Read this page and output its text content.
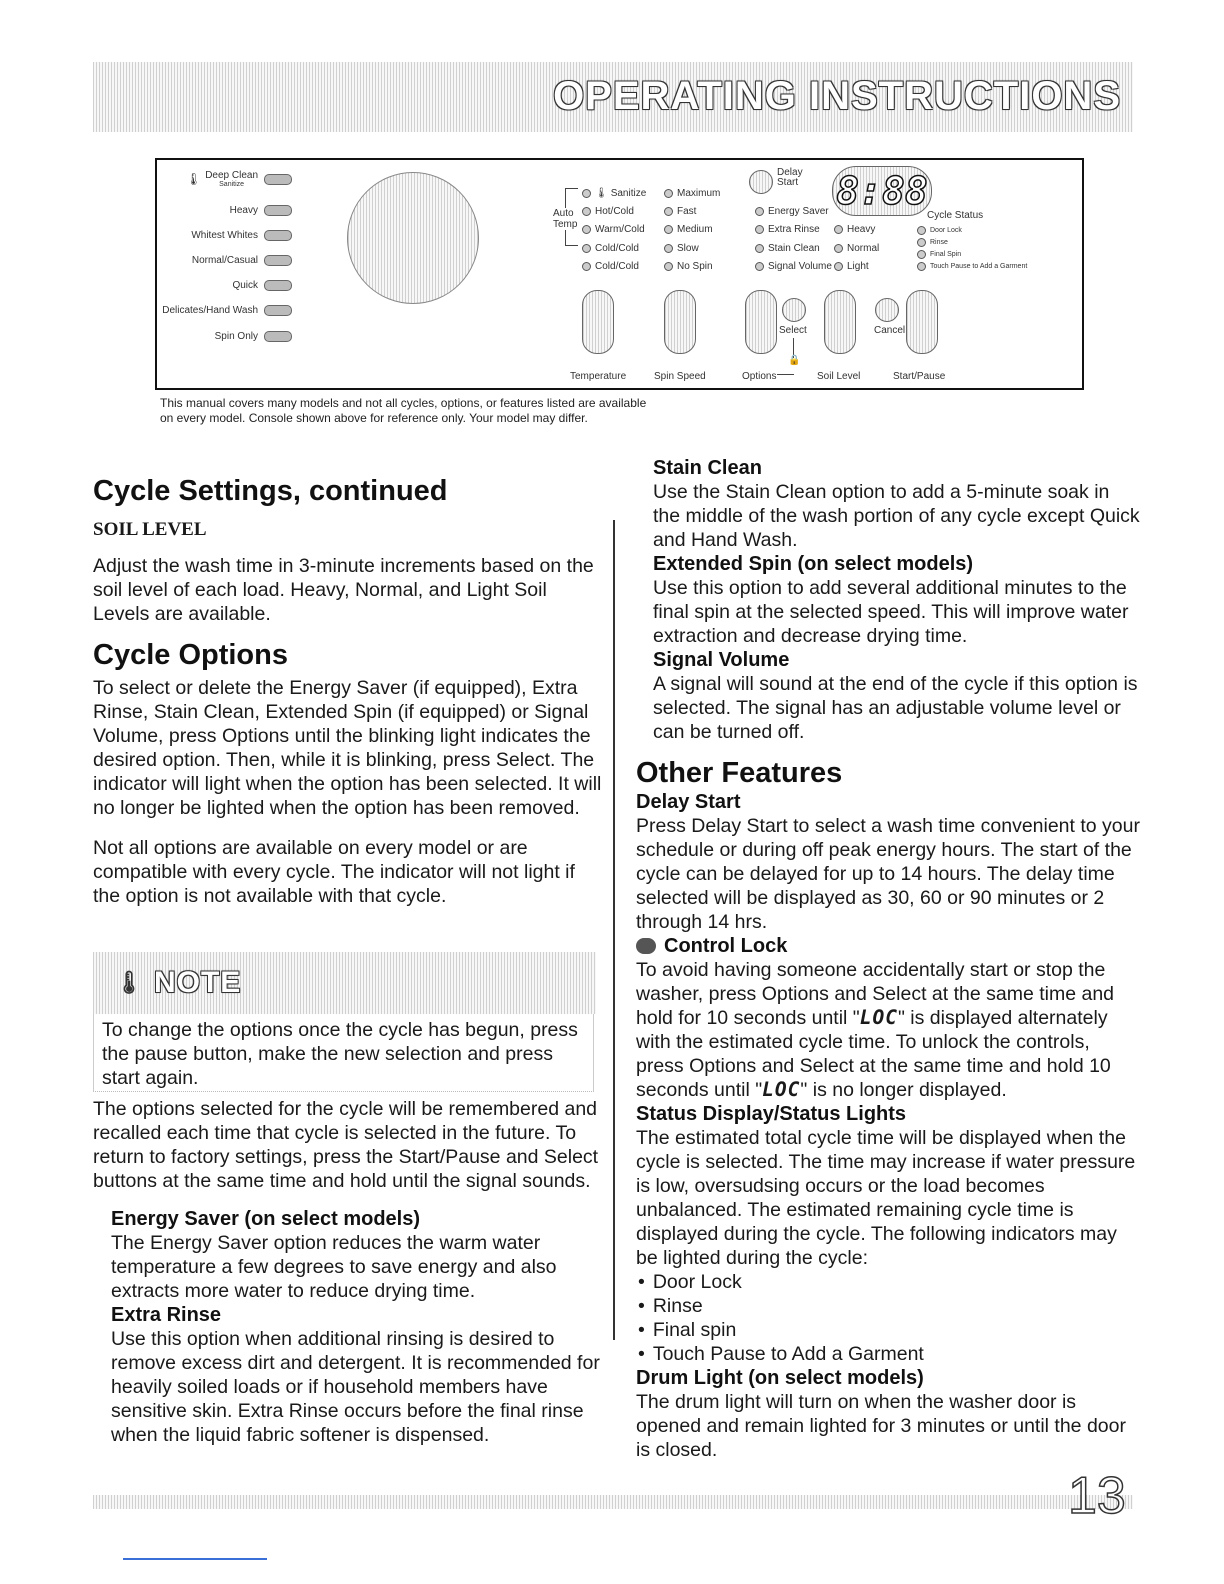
OPERATING INSTRUCTIONS
🌡 Deep Clean
Sanitize
Heavy
Whitest Whites
Normal/Casual
Quick
Delicates/Hand Wash
Spin Only
Auto Temp
🌡 Sanitize
Hot/Cold
Warm/Cold
Cold/Cold
Cold/Cold
Maximum
Fast
Medium
Slow
No Spin
Energy Saver
Extra Rinse
Stain Clean
Signal Volume
Heavy
Normal
Light
Delay Start	8:88
Cycle Status
Door Lock
Rinse
Final Spin
Touch Pause to Add a Garment
Select	Cancel
🔒
Temperature	Spin Speed	Options	Soil Level	Start/Pause
This manual covers many models and not all cycles, options, or features listed are available
on every model. Console shown above for reference only. Your model may differ.
Cycle Settings, continued
SOIL LEVEL

Adjust the wash time in 3-minute increments based on the soil level of each load. Heavy, Normal, and Light Soil Levels are available.

Cycle Options

To select or delete the Energy Saver (if equipped), Extra Rinse, Stain Clean, Extended Spin (if equipped) or Signal Volume, press Options until the blinking light indicates the desired option. Then, while it is blinking, press Select. The indicator will light when the option has been selected. It will no longer be lighted when the option has been removed.

Not all options are available on every model or are compatible with every cycle. The indicator will not light if the option is not available with that cycle.

🌡 NOTE
To change the options once the cycle has begun, press the pause button, make the new selection and press start again.

The options selected for the cycle will be remembered and recalled each time that cycle is selected in the future. To return to factory settings, press the Start/Pause and Select buttons at the same time and hold until the signal sounds.

Energy Saver (on select models)

The Energy Saver option reduces the warm water temperature a few degrees to save energy and also extracts more water to reduce drying time.

Extra Rinse

Use this option when additional rinsing is desired to remove excess dirt and detergent. It is recommended for heavily soiled loads or if household members have sensitive skin. Extra Rinse occurs before the final rinse when the liquid fabric softener is dispensed.

Stain Clean

Use the Stain Clean option to add a 5-minute soak in the middle of the wash portion of any cycle except Quick and Hand Wash.

Extended Spin (on select models)

Use this option to add several additional minutes to the final spin at the selected speed. This will improve water extraction and decrease drying time.

Signal Volume

A signal will sound at the end of the cycle if this option is selected. The signal has an adjustable volume level or can be turned off.

Other Features
Delay Start

Press Delay Start to select a wash time convenient to your schedule or during off peak energy hours. The start of the cycle can be delayed for up to 14 hours. The delay time selected will be displayed as 30, 60 or 90 minutes or 2 through 14 hrs.

Control Lock

To avoid having someone accidentally start or stop the washer, press Options and Select at the same time and hold for 10 seconds until "LOC" is displayed alternately with the estimated cycle time. To unlock the controls, press Options and Select at the same time and hold 10 seconds until "LOC" is no longer displayed.

Status Display/Status Lights

The estimated total cycle time will be displayed when the cycle is selected. The time may increase if water pressure is low, oversudsing occurs or the load becomes unbalanced. The estimated remaining cycle time is displayed during the cycle. The following indicators may be lighted during the cycle:

• Door Lock
• Rinse
• Final spin
• Touch Pause to Add a Garment
Drum Light (on select models)

The drum light will turn on when the washer door is opened and remain lighted for 3 minutes or until the door is closed.

13
